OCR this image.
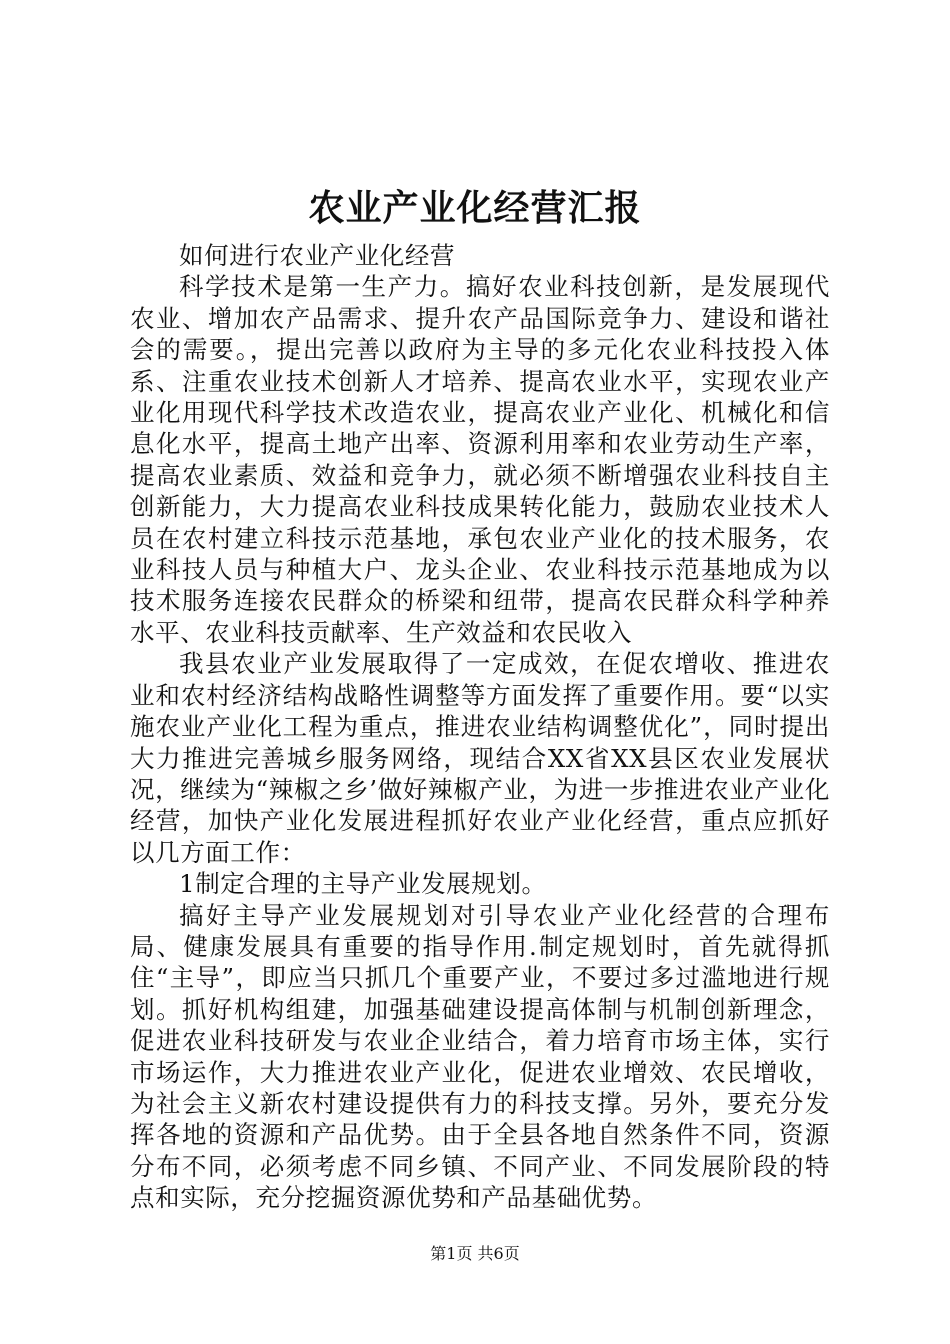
农业产业化经营汇报

如何进行农业产业化经营

科学技术是第一生产力。搞好农业科技创新，是发展现代农业、增加农产品需求、提升农产品国际竞争力、建设和谐社会的需要。，提出完善以政府为主导的多元化农业科技投入体系、注重农业技术创新人才培养、提高农业水平，实现农业产业化用现代科学技术改造农业，提高农业产业化、机械化和信息化水平，提高土地产出率、资源利用率和农业劳动生产率，提高农业素质、效益和竞争力，就必须不断增强农业科技自主创新能力，大力提高农业科技成果转化能力，鼓励农业技术人员在农村建立科技示范基地，承包农业产业化的技术服务，农业科技人员与种植大户、龙头企业、农业科技示范基地成为以技术服务连接农民群众的桥梁和纽带，提高农民群众科学种养水平、农业科技贡献率、生产效益和农民收入

我县农业产业发展取得了一定成效，在促农增收、推进农业和农村经济结构战略性调整等方面发挥了重要作用。要“以实施农业产业化工程为重点，推进农业结构调整优化”，同时提出大力推进完善城乡服务网络，现结合XX省XX县区农业发展状况，继续为“辣椒之乡’做好辣椒产业，为进一步推进农业产业化经营，加快产业化发展进程抓好农业产业化经营，重点应抓好以几方面工作：

1制定合理的主导产业发展规划。

搞好主导产业发展规划对引导农业产业化经营的合理布局、健康发展具有重要的指导作用.制定规划时，首先就得抓住“主导”，即应当只抓几个重要产业，不要过多过滥地进行规划。抓好机构组建，加强基础建设提高体制与机制创新理念，促进农业科技研发与农业企业结合，着力培育市场主体，实行市场运作，大力推进农业产业化，促进农业增效、农民增收，为社会主义新农村建设提供有力的科技支撑。另外，要充分发挥各地的资源和产品优势。由于全县各地自然条件不同，资源分布不同，必须考虑不同乡镇、不同产业、不同发展阶段的特点和实际，充分挖掘资源优势和产品基础优势。

第1页 共6页
